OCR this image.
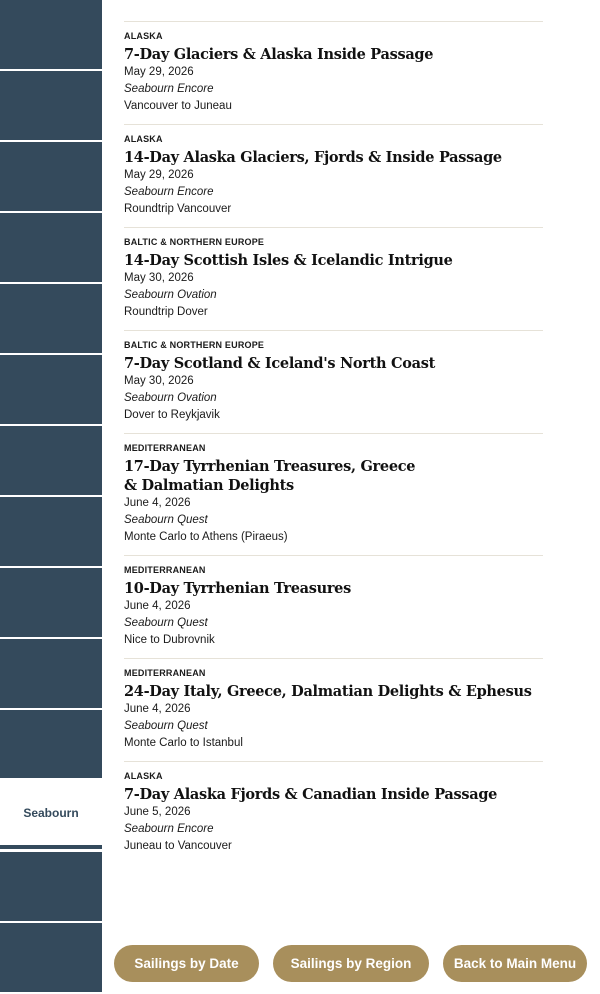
Seabourn
ALASKA
7-Day Glaciers & Alaska Inside Passage
May 29, 2026
Seabourn Encore
Vancouver to Juneau
ALASKA
14-Day Alaska Glaciers, Fjords & Inside Passage
May 29, 2026
Seabourn Encore
Roundtrip Vancouver
BALTIC & NORTHERN EUROPE
14-Day Scottish Isles & Icelandic Intrigue
May 30, 2026
Seabourn Ovation
Roundtrip Dover
BALTIC & NORTHERN EUROPE
7-Day Scotland & Iceland's North Coast
May 30, 2026
Seabourn Ovation
Dover to Reykjavik
MEDITERRANEAN
17-Day Tyrrhenian Treasures, Greece & Dalmatian Delights
June 4, 2026
Seabourn Quest
Monte Carlo to Athens (Piraeus)
MEDITERRANEAN
10-Day Tyrrhenian Treasures
June 4, 2026
Seabourn Quest
Nice to Dubrovnik
MEDITERRANEAN
24-Day Italy, Greece, Dalmatian Delights & Ephesus
June 4, 2026
Seabourn Quest
Monte Carlo to Istanbul
ALASKA
7-Day Alaska Fjords & Canadian Inside Passage
June 5, 2026
Seabourn Encore
Juneau to Vancouver
Sailings by Date	Sailings by Region	Back to Main Menu
